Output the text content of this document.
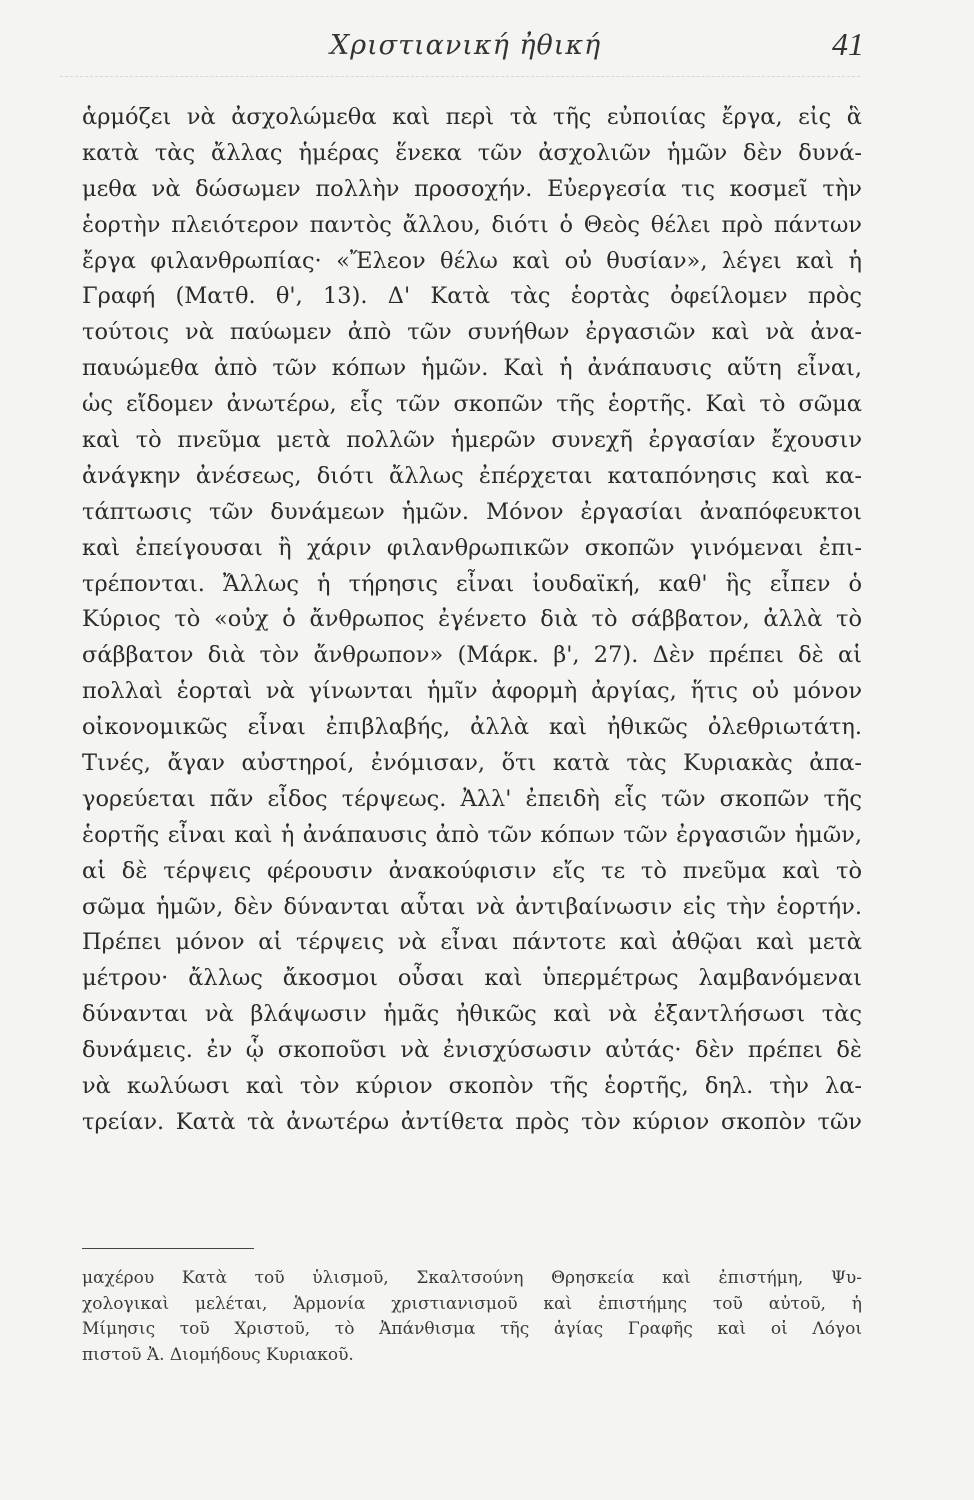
Χριστιανική ἠθική	41
ἁρμόζει νὰ ἀσχολώμεθα καὶ περὶ τὰ τῆς εὐποιίας ἔργα, εἰς ἃ
κατὰ τὰς ἄλλας ἡμέρας ἕνεκα τῶν ἀσχολιῶν ἡμῶν δὲν δυνά-
μεθα νὰ δώσωμεν πολλὴν προσοχήν. Εὐεργεσία τις κοσμεῖ τὴν
ἑορτὴν πλειότερον παντὸς ἄλλου, διότι ὁ Θεὸς θέλει πρὸ πάντων
ἔργα φιλανθρωπίας· «Ἔλεον θέλω καὶ οὐ θυσίαν», λέγει καὶ ἡ
Γραφή (Ματθ. θ', 13). Δ' Κατὰ τὰς ἑορτὰς ὀφείλομεν πρὸς
τούτοις νὰ παύωμεν ἀπὸ τῶν συνήθων ἐργασιῶν καὶ νὰ ἀνα-
παυώμεθα ἀπὸ τῶν κόπων ἡμῶν. Καὶ ἡ ἀνάπαυσις αὕτη εἶναι,
ὡς εἴδομεν ἀνωτέρω, εἷς τῶν σκοπῶν τῆς ἑορτῆς. Καὶ τὸ σῶμα
καὶ τὸ πνεῦμα μετὰ πολλῶν ἡμερῶν συνεχῆ ἐργασίαν ἔχουσιν
ἀνάγκην ἀνέσεως, διότι ἄλλως ἐπέρχεται καταπόνησις καὶ κα-
τάπτωσις τῶν δυνάμεων ἡμῶν. Μόνον ἐργασίαι ἀναπόφευκτοι
καὶ ἐπείγουσαι ἢ χάριν φιλανθρωπικῶν σκοπῶν γινόμεναι ἐπι-
τρέπονται. Ἄλλως ἡ τήρησις εἶναι ἰουδαϊκή, καθ' ἣς εἶπεν ὁ
Κύριος τὸ «οὐχ ὁ ἄνθρωπος ἐγένετο διὰ τὸ σάββατον, ἀλλὰ τὸ
σάββατον διὰ τὸν ἄνθρωπον» (Μάρκ. β', 27). Δὲν πρέπει δὲ αἱ
πολλαὶ ἑορταὶ νὰ γίνωνται ἡμῖν ἀφορμὴ ἀργίας, ἥτις οὐ μόνον
οἰκονομικῶς εἶναι ἐπιβλαβής, ἀλλὰ καὶ ἠθικῶς ὀλεθριωτάτη.
Τινές, ἄγαν αὐστηροί, ἐνόμισαν, ὅτι κατὰ τὰς Κυριακὰς ἀπα-
γορεύεται πᾶν εἶδος τέρψεως. Ἀλλ' ἐπειδὴ εἷς τῶν σκοπῶν τῆς
ἑορτῆς εἶναι καὶ ἡ ἀνάπαυσις ἀπὸ τῶν κόπων τῶν ἐργασιῶν ἡμῶν,
αἱ δὲ τέρψεις φέρουσιν ἀνακούφισιν εἴς τε τὸ πνεῦμα καὶ τὸ
σῶμα ἡμῶν, δὲν δύνανται αὗται νὰ ἀντιβαίνωσιν εἰς τὴν ἑορτήν.
Πρέπει μόνον αἱ τέρψεις νὰ εἶναι πάντοτε καὶ ἀθῷαι καὶ μετὰ
μέτρου· ἄλλως ἄκοσμοι οὖσαι καὶ ὑπερμέτρως λαμβανόμεναι
δύνανται νὰ βλάψωσιν ἡμᾶς ἠθικῶς καὶ νὰ ἐξαντλήσωσι τὰς
δυνάμεις. ἐν ᾧ σκοποῦσι νὰ ἐνισχύσωσιν αὐτάς· δὲν πρέπει δὲ
νὰ κωλύωσι καὶ τὸν κύριον σκοπὸν τῆς ἑορτῆς, δηλ. τὴν λα-
τρείαν. Κατὰ τὰ ἀνωτέρω ἀντίθετα πρὸς τὸν κύριον σκοπὸν τῶν
μαχέρου Κατὰ τοῦ ὑλισμοῦ, Σκαλτσούνη Θρησκεία καὶ ἐπιστήμη, Ψυ-
χολογικαὶ μελέται, Ἁρμονία χριστιανισμοῦ καὶ ἐπιστήμης τοῦ αὐτοῦ, ἡ
Μίμησις τοῦ Χριστοῦ, τὸ Ἀπάνθισμα τῆς ἁγίας Γραφῆς καὶ οἱ Λόγοι
πιστοῦ Ἀ. Διομήδους Κυριακοῦ.
